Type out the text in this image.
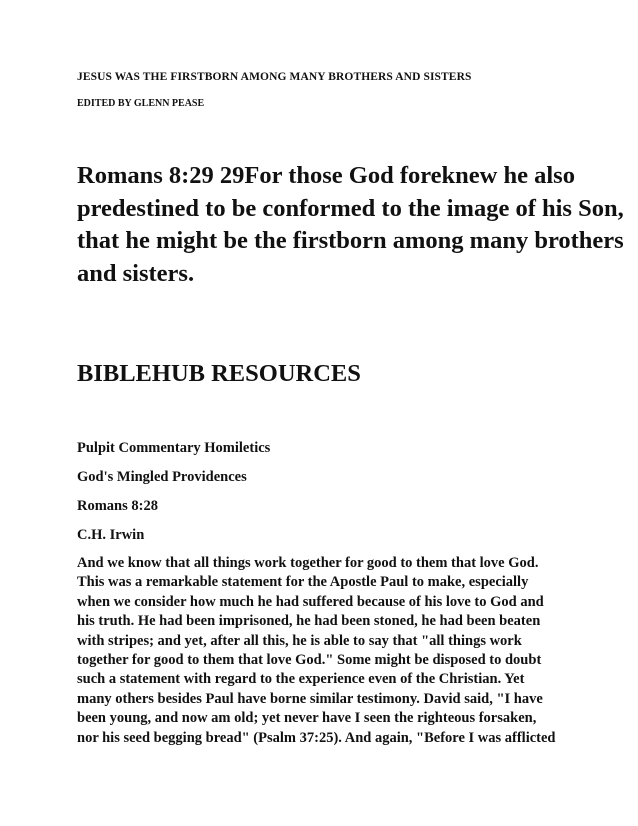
JESUS WAS THE FIRSTBORN AMONG MANY BROTHERS AND SISTERS

EDITED BY GLENN PEASE

Romans 8:29 29For those God foreknew he also
predestined to be conformed to the image of his Son,
that he might be the firstborn among many brothers
and sisters.
BIBLEHUB RESOURCES

Pulpit Commentary Homiletics

God's Mingled Providences

Romans 8:28

C.H. Irwin

And we know that all things work together for good to them that love God.
This was a remarkable statement for the Apostle Paul to make, especially
when we consider how much he had suffered because of his love to God and
his truth. He had been imprisoned, he had been stoned, he had been beaten
with stripes; and yet, after all this, he is able to say that "all things work
together for good to them that love God." Some might be disposed to doubt
such a statement with regard to the experience even of the Christian. Yet
many others besides Paul have borne similar testimony. David said, "I have
been young, and now am old; yet never have I seen the righteous forsaken,
nor his seed begging bread" (Psalm 37:25). And again, "Before I was afflicted
